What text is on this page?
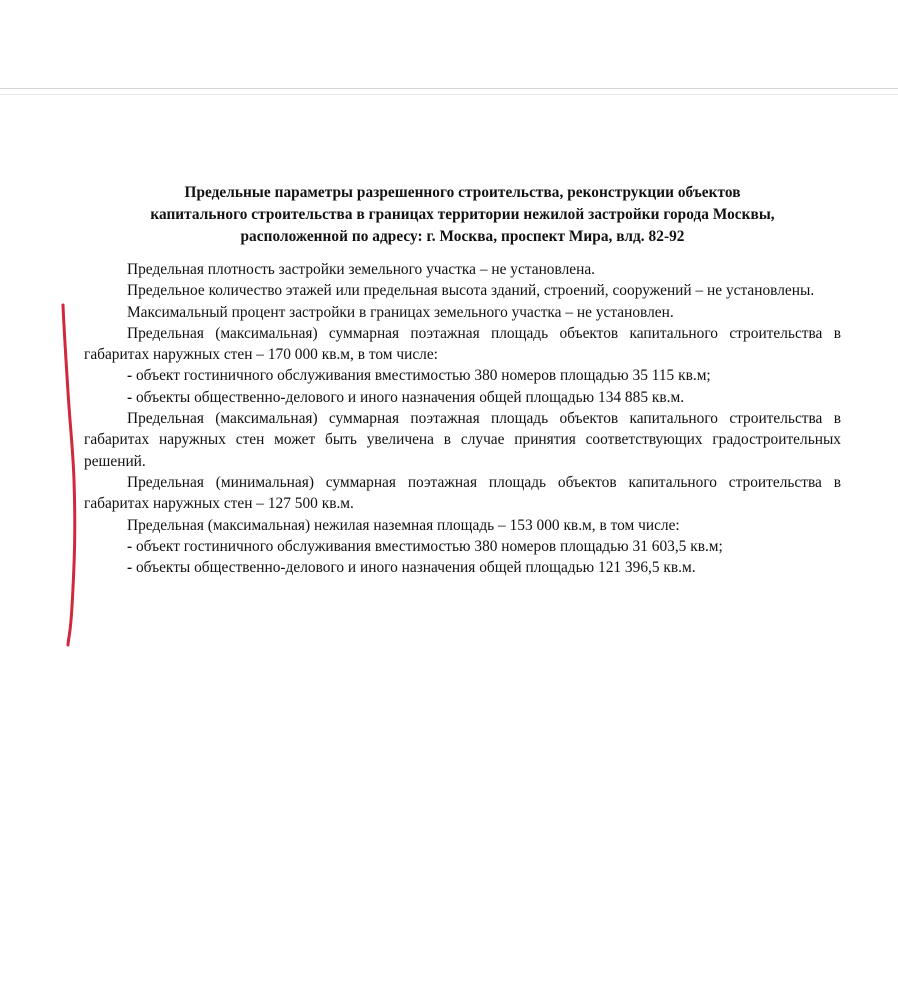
Предельные параметры разрешенного строительства, реконструкции объектов
капитального строительства в границах территории нежилой застройки города Москвы,
расположенной по адресу: г. Москва, проспект Мира, влд. 82-92

Предельная плотность застройки земельного участка – не установлена.

Предельное количество этажей или предельная высота зданий, строений, сооружений – не установлены.

Максимальный процент застройки в границах земельного участка – не установлен.

Предельная (максимальная) суммарная поэтажная площадь объектов капитального строительства в габаритах наружных стен – 170 000 кв.м, в том числе:

- объект гостиничного обслуживания вместимостью 380 номеров площадью 35 115 кв.м;

- объекты общественно-делового и иного назначения общей площадью 134 885 кв.м.

Предельная (максимальная) суммарная поэтажная площадь объектов капитального строительства в габаритах наружных стен может быть увеличена в случае принятия соответствующих градостроительных решений.

Предельная (минимальная) суммарная поэтажная площадь объектов капитального строительства в габаритах наружных стен – 127 500 кв.м.

Предельная (максимальная) нежилая наземная площадь – 153 000 кв.м, в том числе:

- объект гостиничного обслуживания вместимостью 380 номеров площадью 31 603,5 кв.м;

- объекты общественно-делового и иного назначения общей площадью 121 396,5 кв.м.
